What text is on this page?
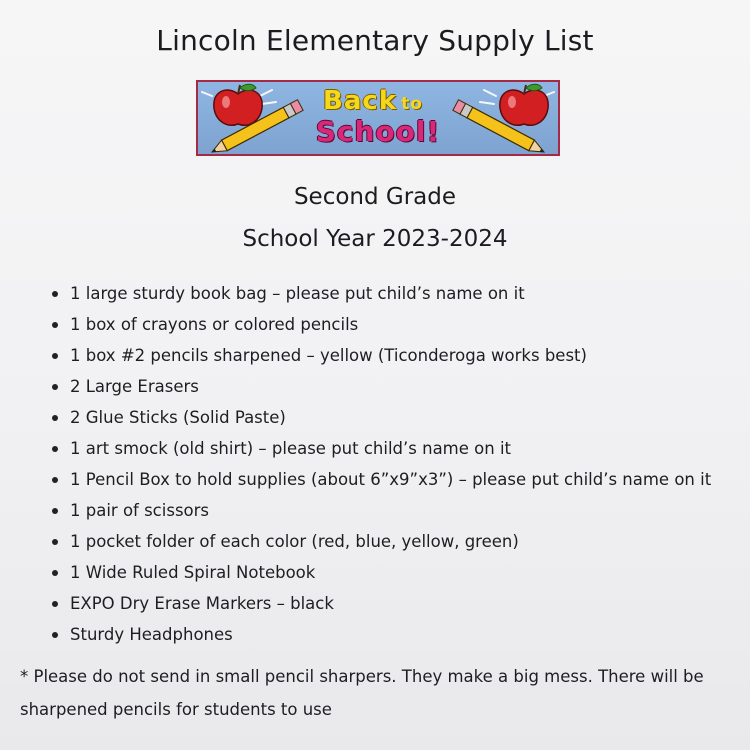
Lincoln Elementary Supply List
Back to
School!
Second Grade
School Year 2023-2024
1 large sturdy book bag – please put child’s name on it
1 box of crayons or colored pencils
1 box #2 pencils sharpened – yellow (Ticonderoga works best)
2 Large Erasers
2 Glue Sticks (Solid Paste)
1 art smock (old shirt) – please put child’s name on it
1 Pencil Box to hold supplies (about 6”x9”x3”) – please put child’s name on it
1 pair of scissors
1 pocket folder of each color (red, blue, yellow, green)
1 Wide Ruled Spiral Notebook
EXPO Dry Erase Markers – black
Sturdy Headphones
* Please do not send in small pencil sharpers. They make a big mess. There will be sharpened pencils for students to use
